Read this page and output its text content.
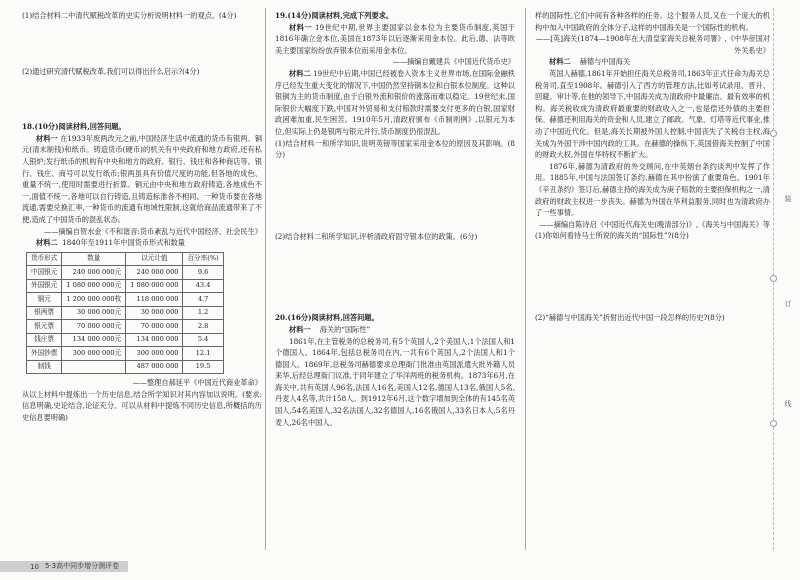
(1)结合材料二中清代赋税改革的史实分析说明材料一的观点。(4分)

(2)通过研究清代赋税改革,我们可以得出什么启示?(4分)

18.(10分)阅读材料,回答问题。

材料一 在1933年废两改元之前,中国经济生活中流通的货币有银两、铜元(清末制钱)和纸币。铸造货币(硬币)的机关有中央政府和地方政府,还有私人银炉;发行纸币的机构有中央和地方的政府、银行、钱庄和各种商店等。银行、钱庄、商号可以发行纸币;银两虽具有价值尺度的功能,但各地的成色、重量不统一,使用时需要进行折算。铜元由中央和地方政府铸造,各地成色不一,面值不统一,各地可以自行铸造,且铸造标准各不相同。一种货币要在各地流通,需要兑换汇率,一种货币的流通有地域性限制,这就给商品流通带来了不便,造成了中国货币的混乱状态。

——摘编自贺水金《不和谐音:货币紊乱与近代中国经济、社会民生》

材料二 1840年至1911年中国货币形式和数量

货币形式	数量	以元计值	百分率(%)
中国银元	240 000 000元	240 000 000	9.6
外国银元	1 080 000 000元	1 080 000 000	43.4
铜元	1 200 000 000枚	118 000 000	4.7
银两票	30 000 000元	30 000 000	1.2
银元票	70 000 000元	70 000 000	2.8
钱庄票	134 000 000元	134 000 000	5.4
外国钞票	300 000 000元	300 000 000	12.1
制钱		487 000 000	19.5

——整理自郝延平《中国近代商业革命》

从以上材料中提炼出一个历史信息,结合所学知识对其内容加以说明。(要求:信息明确,史论结合,论证充分。可以从材料中提炼不同历史信息,所概括的历史信息要明确)

19.(14分)阅读材料,完成下列要求。

材料一 19世纪中期,世界主要国家以金本位为主要货币制度,英国于1816年确立金本位,美国在1873年以后逐渐采用金本位。此后,德、法等欧美主要国家纷纷放弃银本位而采用金本位。

——摘编自戴建兵《中国近代货币史》

材料二 19世纪中后期,中国已经被卷入资本主义世界市场,在国际金融秩序已经发生重大变化的情况下,中国仍然坚持铜本位和白银本位制度。这种以银铜为主的货币制度,由于白银外流和银价的涨落而难以稳定。19世纪末,国际银价大幅度下跌,中国对外贸易和支付赔款时需要支付更多的白银,国家财政困难加重,民生困苦。1910年5月,清政府颁布《币制则例》,以银元为本位,但实际上仍是银两与银元并行,货币制度仍很混乱。

(1)结合材料一和所学知识,说明英镑等国家采用金本位的原因及其影响。(8分)

(2)结合材料二和所学知识,评析清政府固守银本位的政策。(6分)

20.(16分)阅读材料,回答问题。

材料一 海关的“国际性”

1861年,在主管税务的总税务司,有5个英国人,2个美国人,1个法国人和1个德国人。1864年,包括总税务司在内,一共有6个英国人,2个法国人和1个德国人。1869年,总税务司赫德要求总理衙门批准由英国派遣大批外籍人员来华,后经总理衙门议准,于同年建立了华洋两班的税务机构。1873年6月,在海关中,共有英国人96名,法国人16名,美国人12名,德国人13名,俄国人5名,丹麦人4名等,共计158人。到1912年6月,这个数字增加到全体的有145名英国人,54名美国人,32名法国人,32名德国人,16名俄国人,33名日本人,5名丹麦人,26名中国人。

样的国际性,它们中间有各种各样的任务。这个服务人员,又在一个庞大的机构中加入中国政府的全体分子,这样的中国海关是一个国际性的机构。

——[英]海关(1874—1908年在大清皇家海关总税务司署》,《中华帝国对外关系史》

材料二 赫德与中国海关

英国人赫德,1861年开始担任海关总税务司,1863年正式任命为海关总税务司,直至1908年。赫德引入了西方的管理方法,比如考试录用、晋升、回避、审计等,在他的领导下,中国海关成为清政府中最廉洁、最有效率的机构。海关税收成为清政府最重要的财政收入之一,也是偿还外债的主要担保。赫德还利用海关的资金和人员,建立了邮政、气象、灯塔等近代事业,推动了中国近代化。但是,海关长期被外国人控制,中国丧失了关税自主权,海关成为外国干涉中国内政的工具。在赫德的操纵下,英国借海关控制了中国的财政大权,外国在华特权不断扩大。

1876年,赫德为清政府的外交顾问,在中英烟台条约谈判中发挥了作用。1885年,中国与法国签订条约,赫德在其中扮演了重要角色。1901年《辛丑条约》签订后,赫德主持的海关成为庚子赔款的主要担保机构之一,清政府的财政主权进一步丧失。赫德为外国在华利益服务,同时也为清政府办了一些事情。

——摘编自陈诗启《中国近代海关史(晚清部分)》,《海关与中国海关》等

(1)你如何看待马士所说的海关的“国际性”?(8分)

(2)“赫德与中国海关”折射出近代中国一段怎样的历史?(8分)

装
订
线
10 5·3高中同步增分测评卷
